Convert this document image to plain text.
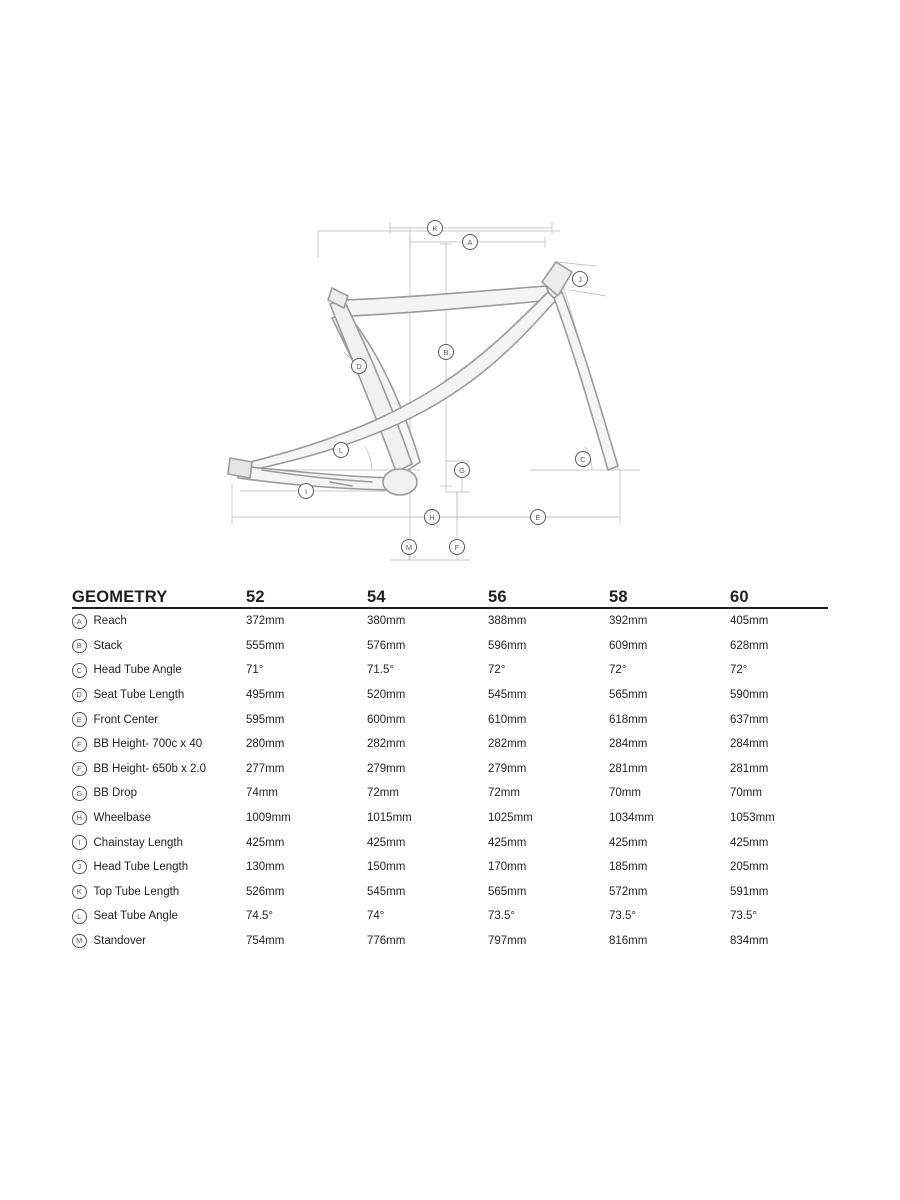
K
A
J
D
B
L
C
G
I
H	E
M	F
GEOMETRY	52	54	56	58	60

A Reach	372mm	380mm	388mm	392mm	405mm

B Stack	555mm	576mm	596mm	609mm	628mm

C Head Tube Angle	71°	71.5°	72°	72°	72°

D Seat Tube Length	495mm	520mm	545mm	565mm	590mm

E Front Center	595mm	600mm	610mm	618mm	637mm

F BB Height- 700c x 40	280mm	282mm	282mm	284mm	284mm

F BB Height- 650b x 2.0	277mm	279mm	279mm	281mm	281mm

G BB Drop	74mm	72mm	72mm	70mm	70mm

H Wheelbase	1009mm	1015mm	1025mm	1034mm	1053mm

I Chainstay Length	425mm	425mm	425mm	425mm	425mm

J Head Tube Length	130mm	150mm	170mm	185mm	205mm

K Top Tube Length	526mm	545mm	565mm	572mm	591mm

L Seat Tube Angle	74.5°	74°	73.5°	73.5°	73.5°

M Standover	754mm	776mm	797mm	816mm	834mm
